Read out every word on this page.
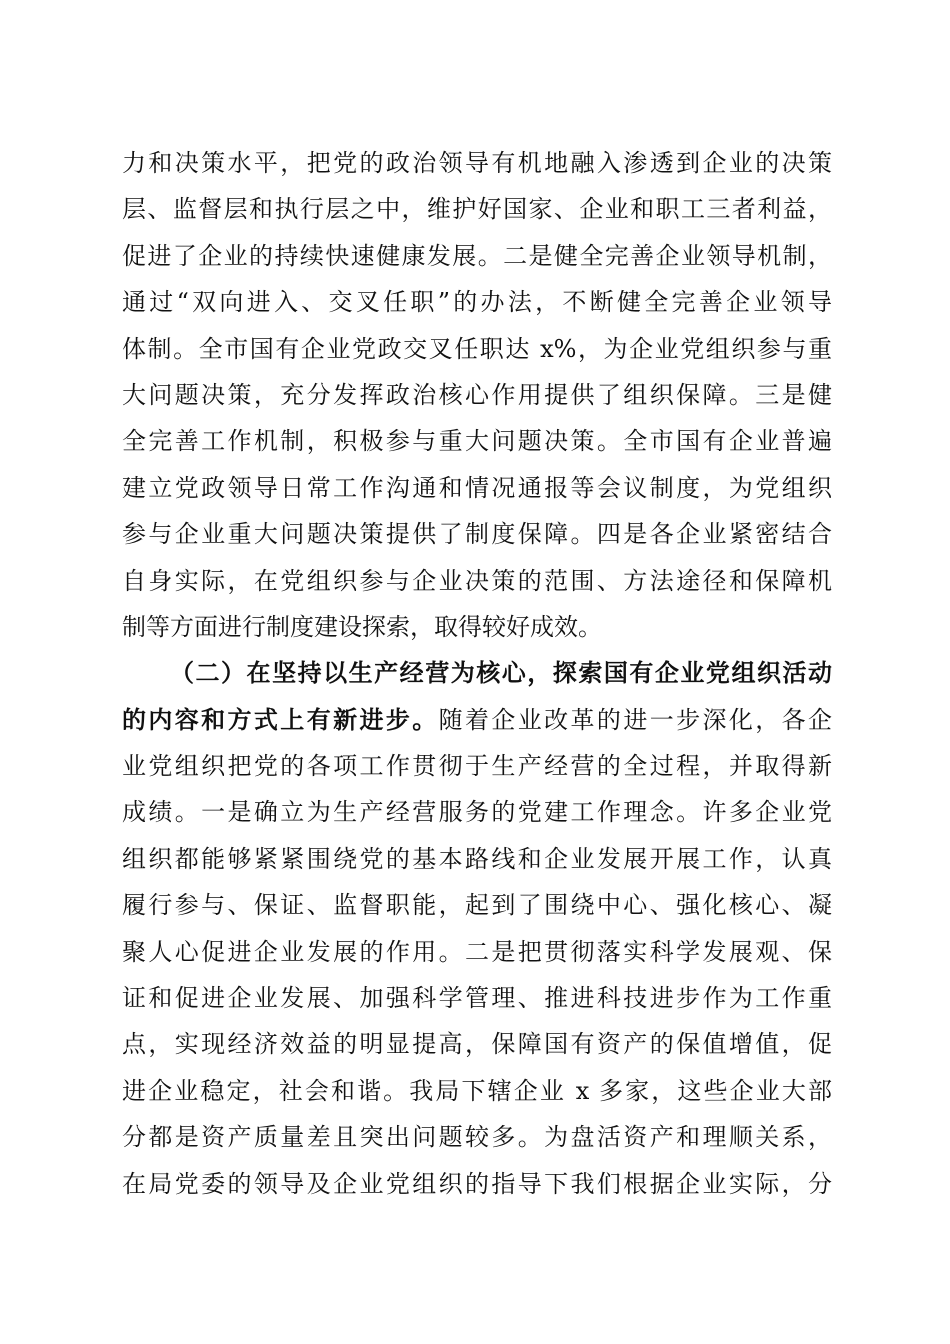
力和决策水平，把党的政治领导有机地融入渗透到企业的决策
层、监督层和执行层之中，维护好国家、企业和职工三者利益，
促进了企业的持续快速健康发展。二是健全完善企业领导机制，
通过“双向进入、交叉任职”的办法，不断健全完善企业领导
体制。全市国有企业党政交叉任职达 x%，为企业党组织参与重
大问题决策，充分发挥政治核心作用提供了组织保障。三是健
全完善工作机制，积极参与重大问题决策。全市国有企业普遍
建立党政领导日常工作沟通和情况通报等会议制度，为党组织
参与企业重大问题决策提供了制度保障。四是各企业紧密结合
自身实际，在党组织参与企业决策的范围、方法途径和保障机
制等方面进行制度建设探索，取得较好成效。
（二）在坚持以生产经营为核心，探索国有企业党组织活动
的内容和方式上有新进步。随着企业改革的进一步深化，各企
业党组织把党的各项工作贯彻于生产经营的全过程，并取得新
成绩。一是确立为生产经营服务的党建工作理念。许多企业党
组织都能够紧紧围绕党的基本路线和企业发展开展工作，认真
履行参与、保证、监督职能，起到了围绕中心、强化核心、凝
聚人心促进企业发展的作用。二是把贯彻落实科学发展观、保
证和促进企业发展、加强科学管理、推进科技进步作为工作重
点，实现经济效益的明显提高，保障国有资产的保值增值，促
进企业稳定，社会和谐。我局下辖企业 x 多家，这些企业大部
分都是资产质量差且突出问题较多。为盘活资产和理顺关系，
在局党委的领导及企业党组织的指导下我们根据企业实际，分
